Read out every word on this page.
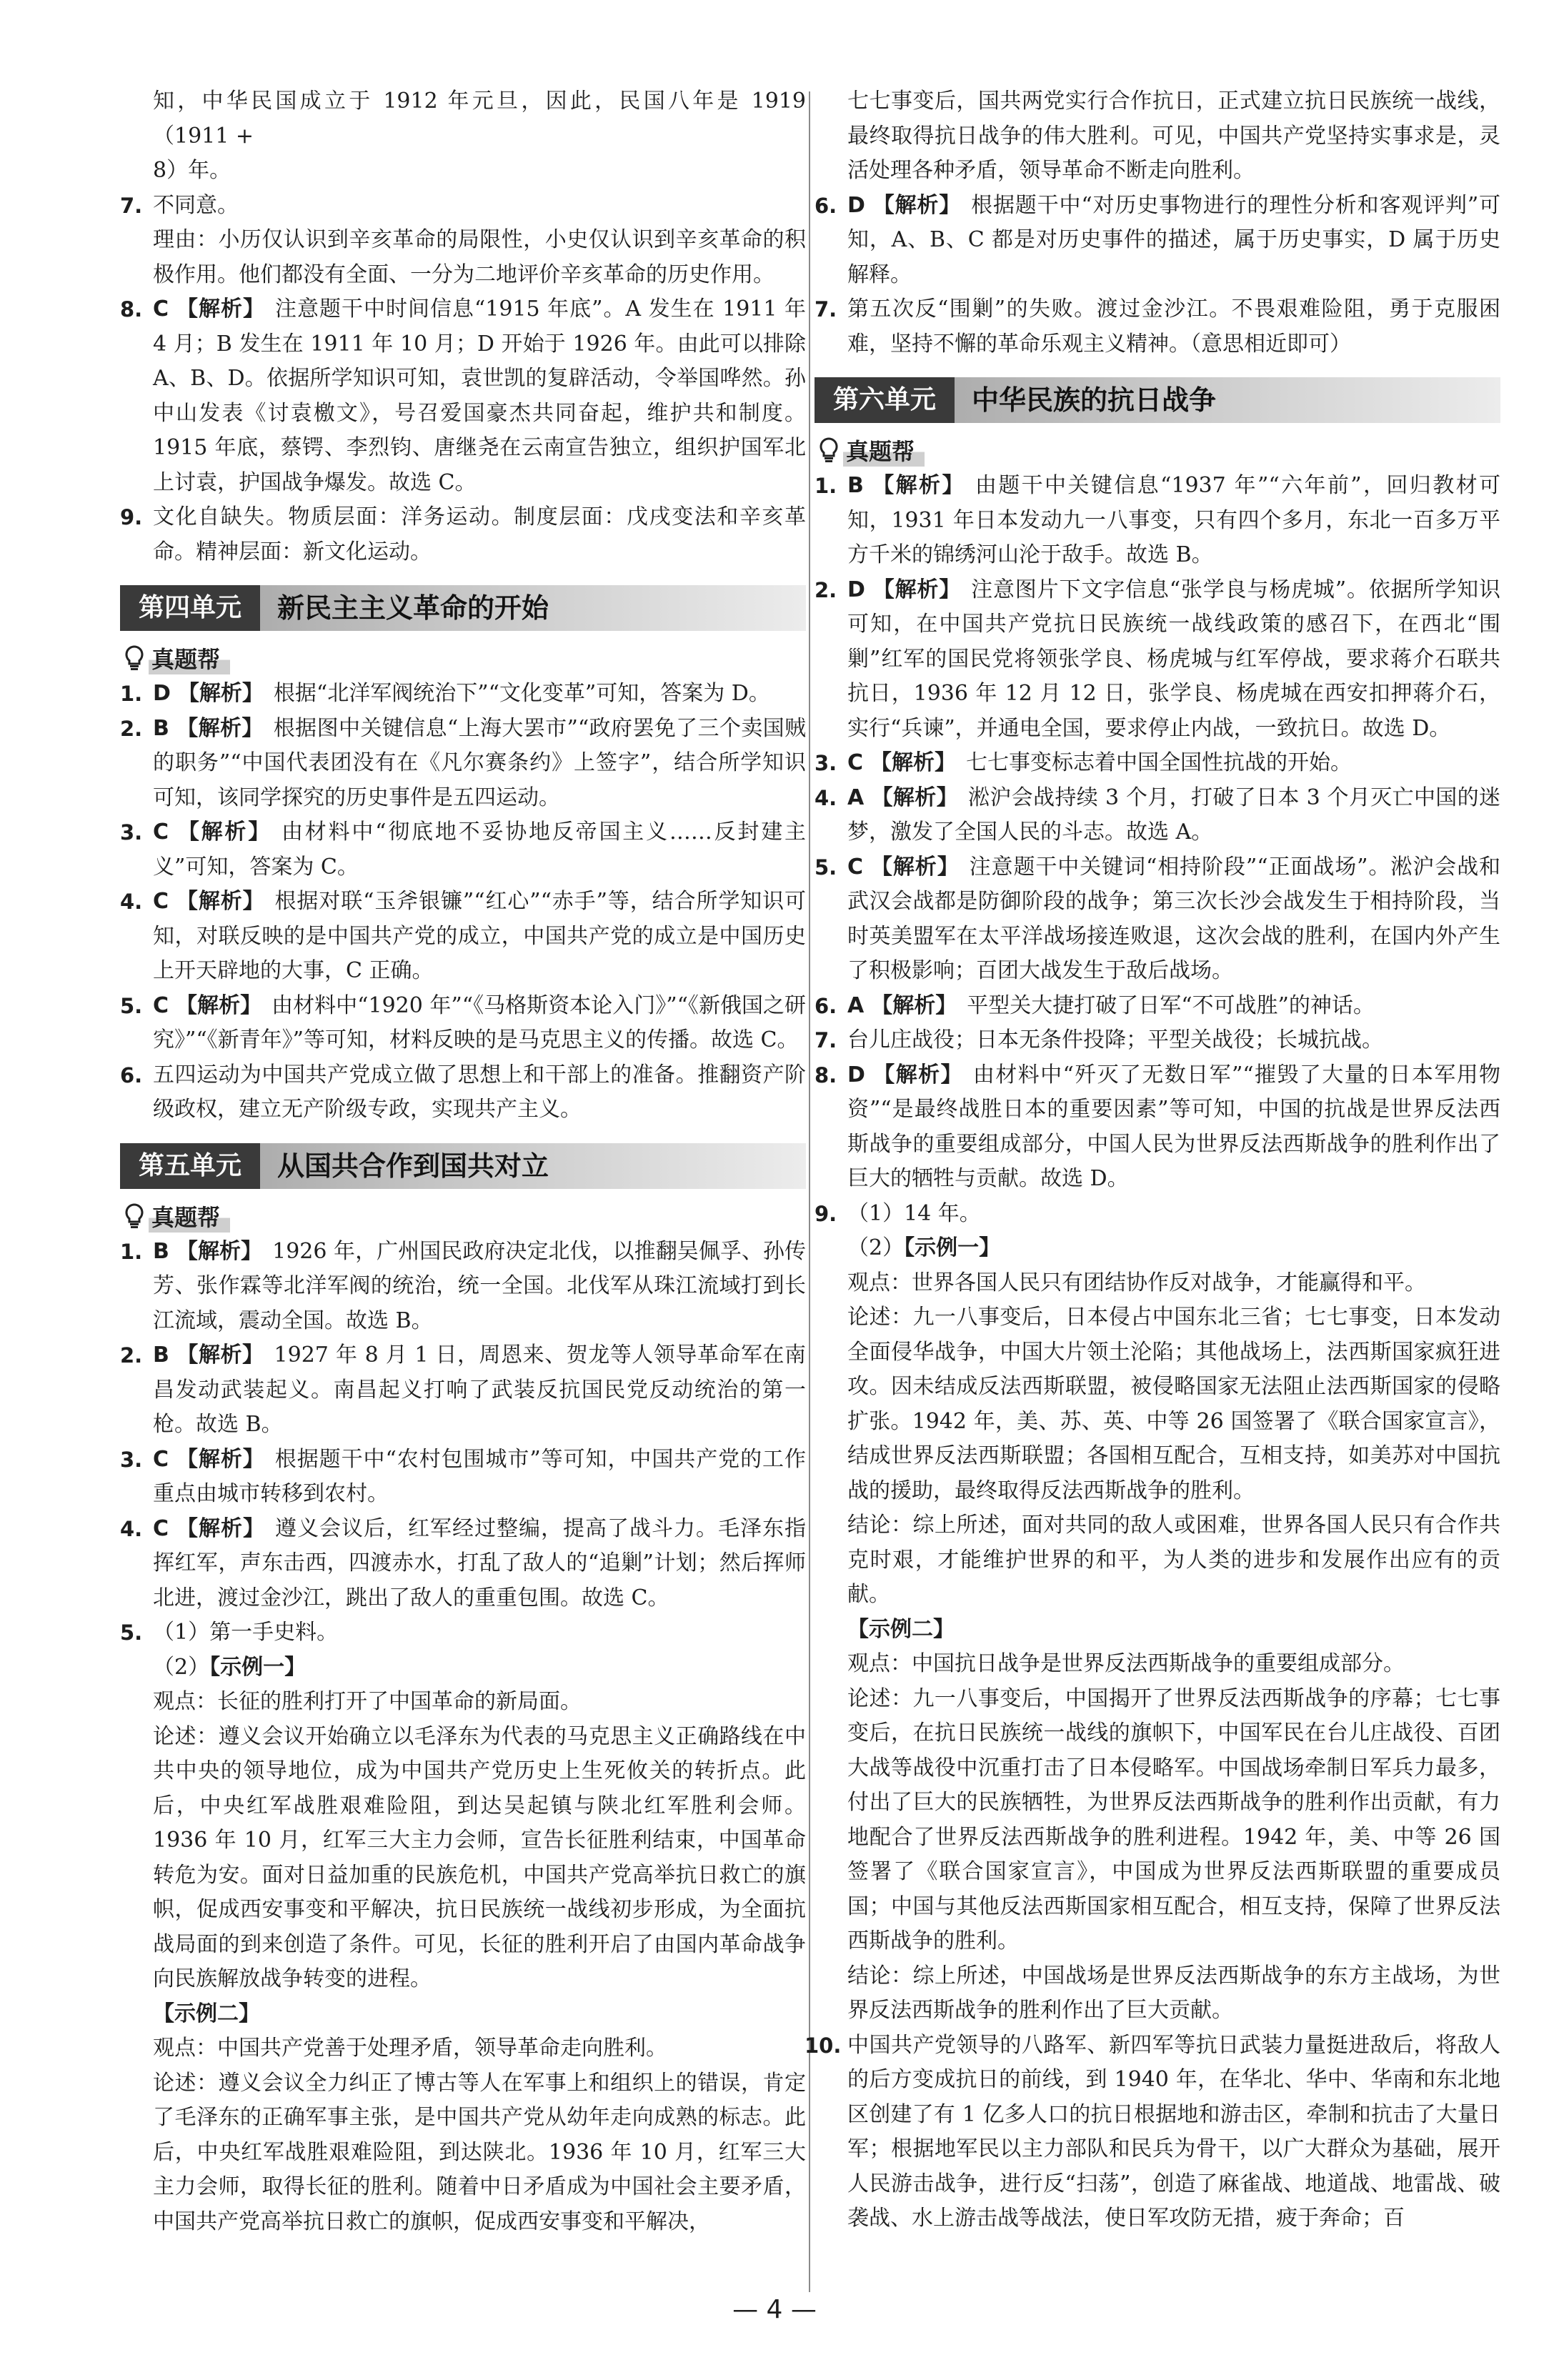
知，中华民国成立于 1912 年元旦，因此，民国八年是 1919（1911 +

8）年。

7. 不同意。

理由：小历仅认识到辛亥革命的局限性，小史仅认识到辛亥革命的积极作用。他们都没有全面、一分为二地评价辛亥革命的历史作用。

8. C 【解析】 注意题干中时间信息“1915 年底”。A 发生在 1911 年 4 月；B 发生在 1911 年 10 月；D 开始于 1926 年。由此可以排除 A、B、D。依据所学知识可知，袁世凯的复辟活动，令举国哗然。孙中山发表《讨袁檄文》，号召爱国豪杰共同奋起，维护共和制度。1915 年底，蔡锷、李烈钧、唐继尧在云南宣告独立，组织护国军北上讨袁，护国战争爆发。故选 C。
9. 文化自缺失。物质层面：洋务运动。制度层面：戊戌变法和辛亥革命。精神层面：新文化运动。
第四单元	新民主主义革命的开始
真题帮
1. D 【解析】 根据“北洋军阀统治下”“文化变革”可知，答案为 D。
2. B 【解析】 根据图中关键信息“上海大罢市”“政府罢免了三个卖国贼的职务”“中国代表团没有在《凡尔赛条约》上签字”，结合所学知识可知，该同学探究的历史事件是五四运动。
3. C 【解析】 由材料中“彻底地不妥协地反帝国主义……反封建主义”可知，答案为 C。
4. C 【解析】 根据对联“玉斧银镰”“红心”“赤手”等，结合所学知识可知，对联反映的是中国共产党的成立，中国共产党的成立是中国历史上开天辟地的大事，C 正确。
5. C 【解析】 由材料中“1920 年”“《马格斯资本论入门》”“《新俄国之研究》”“《新青年》”等可知，材料反映的是马克思主义的传播。故选 C。
6. 五四运动为中国共产党成立做了思想上和干部上的准备。推翻资产阶级政权，建立无产阶级专政，实现共产主义。
第五单元	从国共合作到国共对立
真题帮
1. B 【解析】 1926 年，广州国民政府决定北伐，以推翻吴佩孚、孙传芳、张作霖等北洋军阀的统治，统一全国。北伐军从珠江流域打到长江流域，震动全国。故选 B。
2. B 【解析】 1927 年 8 月 1 日，周恩来、贺龙等人领导革命军在南昌发动武装起义。南昌起义打响了武装反抗国民党反动统治的第一枪。故选 B。
3. C 【解析】 根据题干中“农村包围城市”等可知，中国共产党的工作重点由城市转移到农村。
4. C 【解析】 遵义会议后，红军经过整编，提高了战斗力。毛泽东指挥红军，声东击西，四渡赤水，打乱了敌人的“追剿”计划；然后挥师北进，渡过金沙江，跳出了敌人的重重包围。故选 C。
5. （1）第一手史料。

（2）【示例一】

观点：长征的胜利打开了中国革命的新局面。

论述：遵义会议开始确立以毛泽东为代表的马克思主义正确路线在中共中央的领导地位，成为中国共产党历史上生死攸关的转折点。此后，中央红军战胜艰难险阻，到达吴起镇与陕北红军胜利会师。1936 年 10 月，红军三大主力会师，宣告长征胜利结束，中国革命转危为安。面对日益加重的民族危机，中国共产党高举抗日救亡的旗帜，促成西安事变和平解决，抗日民族统一战线初步形成，为全面抗战局面的到来创造了条件。可见，长征的胜利开启了由国内革命战争向民族解放战争转变的进程。

【示例二】

观点：中国共产党善于处理矛盾，领导革命走向胜利。

论述：遵义会议全力纠正了博古等人在军事上和组织上的错误，肯定了毛泽东的正确军事主张，是中国共产党从幼年走向成熟的标志。此后，中央红军战胜艰难险阻，到达陕北。1936 年 10 月，红军三大主力会师，取得长征的胜利。随着中日矛盾成为中国社会主要矛盾，中国共产党高举抗日救亡的旗帜，促成西安事变和平解决，

七七事变后，国共两党实行合作抗日，正式建立抗日民族统一战线，最终取得抗日战争的伟大胜利。可见，中国共产党坚持实事求是，灵活处理各种矛盾，领导革命不断走向胜利。

6. D 【解析】 根据题干中“对历史事物进行的理性分析和客观评判”可知，A、B、C 都是对历史事件的描述，属于历史事实，D 属于历史解释。
7. 第五次反“围剿”的失败。渡过金沙江。不畏艰难险阻，勇于克服困难，坚持不懈的革命乐观主义精神。（意思相近即可）
第六单元	中华民族的抗日战争
真题帮
1. B 【解析】 由题干中关键信息“1937 年”“六年前”，回归教材可知，1931 年日本发动九一八事变，只有四个多月，东北一百多万平方千米的锦绣河山沦于敌手。故选 B。
2. D 【解析】 注意图片下文字信息“张学良与杨虎城”。依据所学知识可知，在中国共产党抗日民族统一战线政策的感召下，在西北“围剿”红军的国民党将领张学良、杨虎城与红军停战，要求蒋介石联共抗日，1936 年 12 月 12 日，张学良、杨虎城在西安扣押蒋介石，实行“兵谏”，并通电全国，要求停止内战，一致抗日。故选 D。
3. C 【解析】 七七事变标志着中国全国性抗战的开始。
4. A 【解析】 淞沪会战持续 3 个月，打破了日本 3 个月灭亡中国的迷梦，激发了全国人民的斗志。故选 A。
5. C 【解析】 注意题干中关键词“相持阶段”“正面战场”。淞沪会战和武汉会战都是防御阶段的战争；第三次长沙会战发生于相持阶段，当时英美盟军在太平洋战场接连败退，这次会战的胜利，在国内外产生了积极影响；百团大战发生于敌后战场。
6. A 【解析】 平型关大捷打破了日军“不可战胜”的神话。
7. 台儿庄战役；日本无条件投降；平型关战役；长城抗战。
8. D 【解析】 由材料中“歼灭了无数日军”“摧毁了大量的日本军用物资”“是最终战胜日本的重要因素”等可知，中国的抗战是世界反法西斯战争的重要组成部分，中国人民为世界反法西斯战争的胜利作出了巨大的牺牲与贡献。故选 D。
9. （1）14 年。

（2）【示例一】

观点：世界各国人民只有团结协作反对战争，才能赢得和平。

论述：九一八事变后，日本侵占中国东北三省；七七事变，日本发动全面侵华战争，中国大片领土沦陷；其他战场上，法西斯国家疯狂进攻。因未结成反法西斯联盟，被侵略国家无法阻止法西斯国家的侵略扩张。1942 年，美、苏、英、中等 26 国签署了《联合国家宣言》，结成世界反法西斯联盟；各国相互配合，互相支持，如美苏对中国抗战的援助，最终取得反法西斯战争的胜利。

结论：综上所述，面对共同的敌人或困难，世界各国人民只有合作共克时艰，才能维护世界的和平，为人类的进步和发展作出应有的贡献。

【示例二】

观点：中国抗日战争是世界反法西斯战争的重要组成部分。

论述：九一八事变后，中国揭开了世界反法西斯战争的序幕；七七事变后，在抗日民族统一战线的旗帜下，中国军民在台儿庄战役、百团大战等战役中沉重打击了日本侵略军。中国战场牵制日军兵力最多，付出了巨大的民族牺牲，为世界反法西斯战争的胜利作出贡献，有力地配合了世界反法西斯战争的胜利进程。1942 年，美、中等 26 国签署了《联合国家宣言》，中国成为世界反法西斯联盟的重要成员国；中国与其他反法西斯国家相互配合，相互支持，保障了世界反法西斯战争的胜利。

结论：综上所述，中国战场是世界反法西斯战争的东方主战场，为世界反法西斯战争的胜利作出了巨大贡献。

10. 中国共产党领导的八路军、新四军等抗日武装力量挺进敌后，将敌人的后方变成抗日的前线，到 1940 年，在华北、华中、华南和东北地区创建了有 1 亿多人口的抗日根据地和游击区，牵制和抗击了大量日军；根据地军民以主力部队和民兵为骨干，以广大群众为基础，展开人民游击战争，进行反“扫荡”，创造了麻雀战、地道战、地雷战、破袭战、水上游击战等战法，使日军攻防无措，疲于奔命；百
— 4 —
